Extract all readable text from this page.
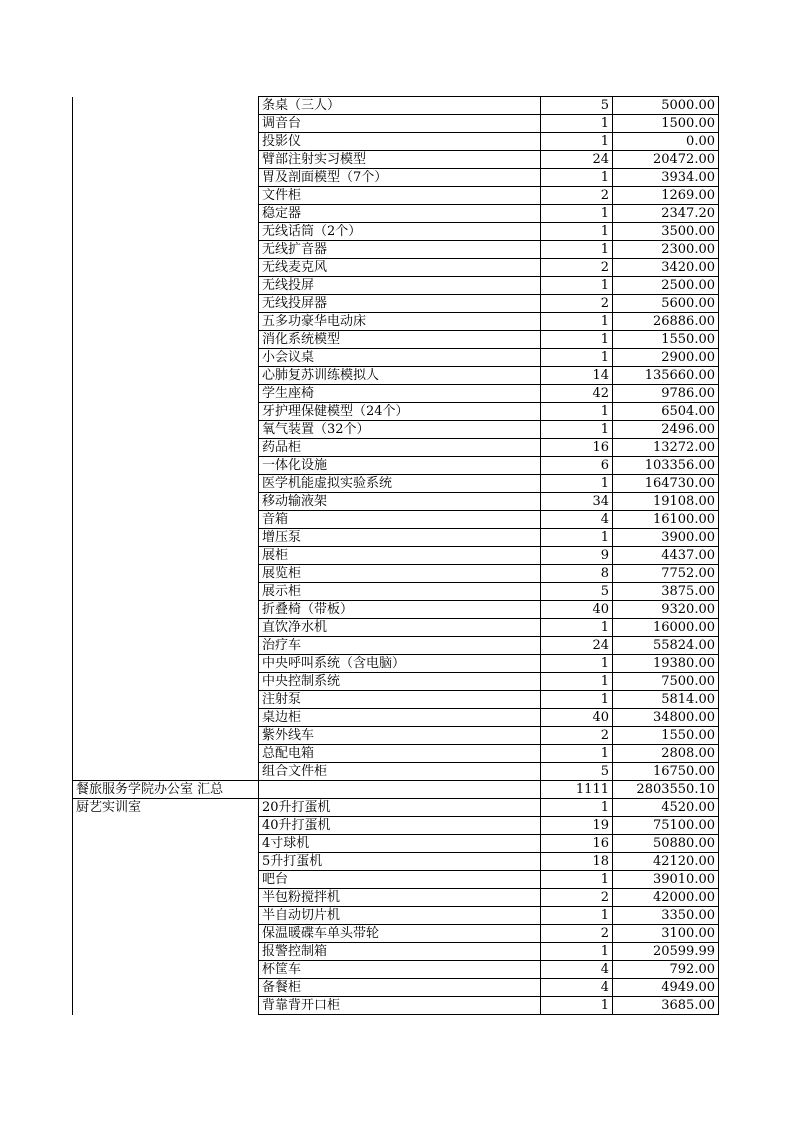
	条桌（三人）	5	5000.00
	调音台	1	1500.00
	投影仪	1	0.00
	臂部注射实习模型	24	20472.00
	胃及剖面模型（7个）	1	3934.00
	文件柜	2	1269.00
	稳定器	1	2347.20
	无线话筒（2个）	1	3500.00
	无线扩音器	1	2300.00
	无线麦克风	2	3420.00
	无线投屏	1	2500.00
	无线投屏器	2	5600.00
	五多功豪华电动床	1	26886.00
	消化系统模型	1	1550.00
	小会议桌	1	2900.00
	心肺复苏训练模拟人	14	135660.00
	学生座椅	42	9786.00
	牙护理保健模型（24个）	1	6504.00
	氧气装置（32个）	1	2496.00
	药品柜	16	13272.00
	一体化设施	6	103356.00
	医学机能虚拟实验系统	1	164730.00
	移动输液架	34	19108.00
	音箱	4	16100.00
	增压泵	1	3900.00
	展柜	9	4437.00
	展览柜	8	7752.00
	展示柜	5	3875.00
	折叠椅（带板）	40	9320.00
	直饮净水机	1	16000.00
	治疗车	24	55824.00
	中央呼叫系统（含电脑）	1	19380.00
	中央控制系统	1	7500.00
	注射泵	1	5814.00
	桌边柜	40	34800.00
	紫外线车	2	1550.00
	总配电箱	1	2808.00
	组合文件柜	5	16750.00
餐旅服务学院办公室 汇总		1111	2803550.10
厨艺实训室	20升打蛋机	1	4520.00
	40升打蛋机	19	75100.00
	4寸球机	16	50880.00
	5升打蛋机	18	42120.00
	吧台	1	39010.00
	半包粉搅拌机	2	42000.00
	半自动切片机	1	3350.00
	保温暖碟车单头带轮	2	3100.00
	报警控制箱	1	20599.99
	杯筐车	4	792.00
	备餐柜	4	4949.00
	背靠背开口柜	1	3685.00
